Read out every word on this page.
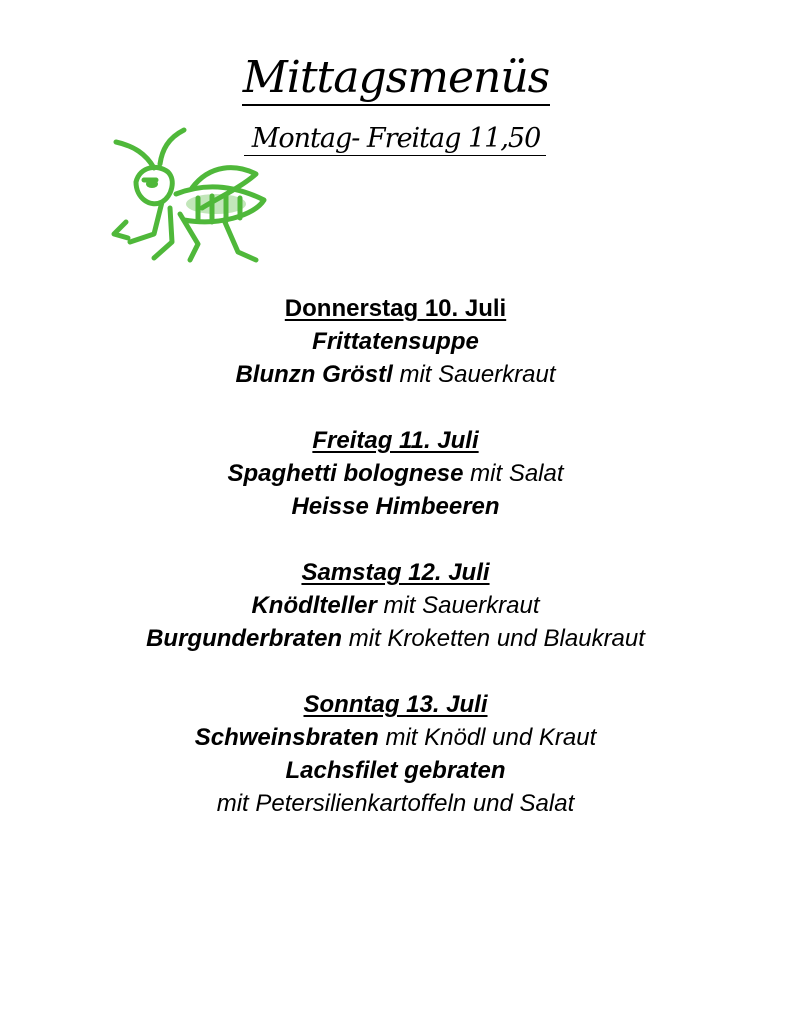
Mittagsmenüs
Montag- Freitag 11,50
Donnerstag 10. Juli
Frittatensuppe
Blunzn Gröstl mit Sauerkraut
Freitag 11. Juli
Spaghetti bolognese mit Salat
Heisse Himbeeren
Samstag 12. Juli
Knödlteller mit Sauerkraut
Burgunderbraten mit Kroketten und Blaukraut
Sonntag 13. Juli
Schweinsbraten mit Knödl und Kraut
Lachsfilet gebraten
mit Petersilienkartoffeln und Salat
